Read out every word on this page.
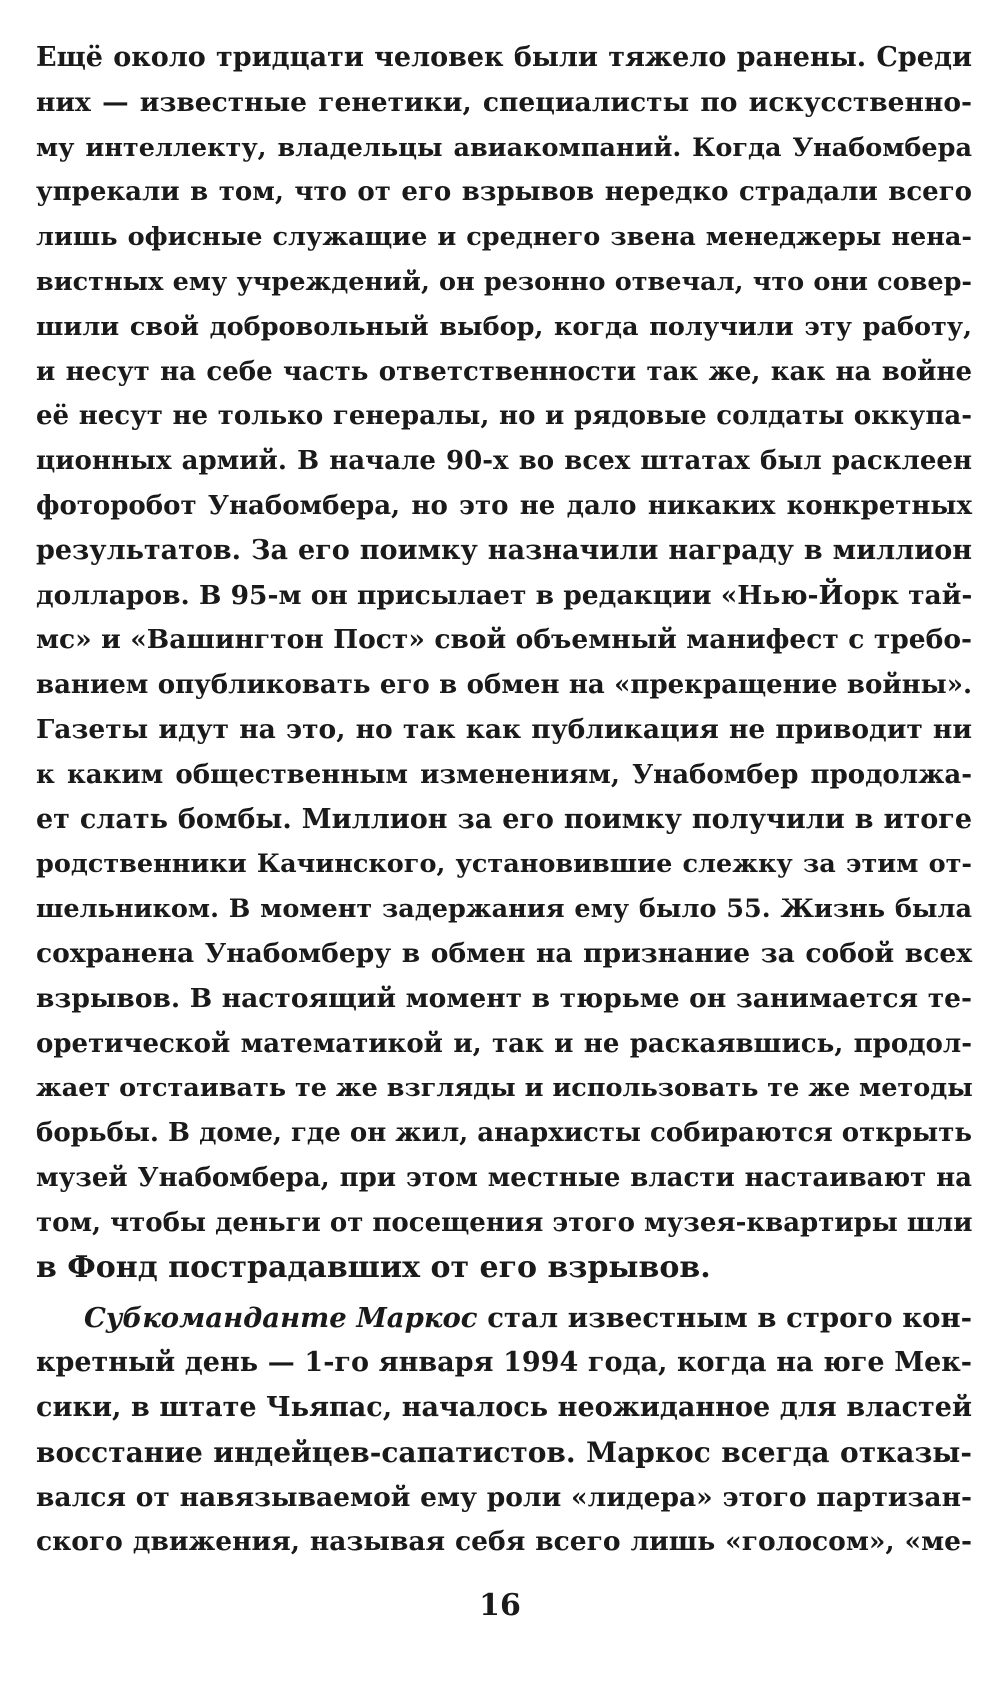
Ещё около тридцати человек были тяжело ранены. Среди
них — известные генетики, специалисты по искусственно-
му интеллекту, владельцы авиакомпаний. Когда Унабомбера
упрекали в том, что от его взрывов нередко страдали всего
лишь офисные служащие и среднего звена менеджеры нена-
вистных ему учреждений, он резонно отвечал, что они совер-
шили свой добровольный выбор, когда получили эту работу,
и несут на себе часть ответственности так же, как на войне
её несут не только генералы, но и рядовые солдаты оккупа-
ционных армий. В начале 90-х во всех штатах был расклеен
фоторобот Унабомбера, но это не дало никаких конкретных
результатов. За его поимку назначили награду в миллион
долларов. В 95-м он присылает в редакции «Нью-Йорк тай-
мс» и «Вашингтон Пост» свой объемный манифест с требо-
ванием опубликовать его в обмен на «прекращение войны».
Газеты идут на это, но так как публикация не приводит ни
к каким общественным изменениям, Унабомбер продолжа-
ет слать бомбы. Миллион за его поимку получили в итоге
родственники Качинского, установившие слежку за этим от-
шельником. В момент задержания ему было 55. Жизнь была
сохранена Унабомберу в обмен на признание за собой всех
взрывов. В настоящий момент в тюрьме он занимается те-
оретической математикой и, так и не раскаявшись, продол-
жает отстаивать те же взгляды и использовать те же методы
борьбы. В доме, где он жил, анархисты собираются открыть
музей Унабомбера, при этом местные власти настаивают на
том, чтобы деньги от посещения этого музея-квартиры шли
в Фонд пострадавших от его взрывов.
Субкоманданте Маркос стал известным в строго кон-
кретный день — 1-го января 1994 года, когда на юге Мек-
сики, в штате Чьяпас, началось неожиданное для властей
восстание индейцев-сапатистов. Маркос всегда отказы-
вался от навязываемой ему роли «лидера» этого партизан-
ского движения, называя себя всего лишь «голосом», «ме-
16
